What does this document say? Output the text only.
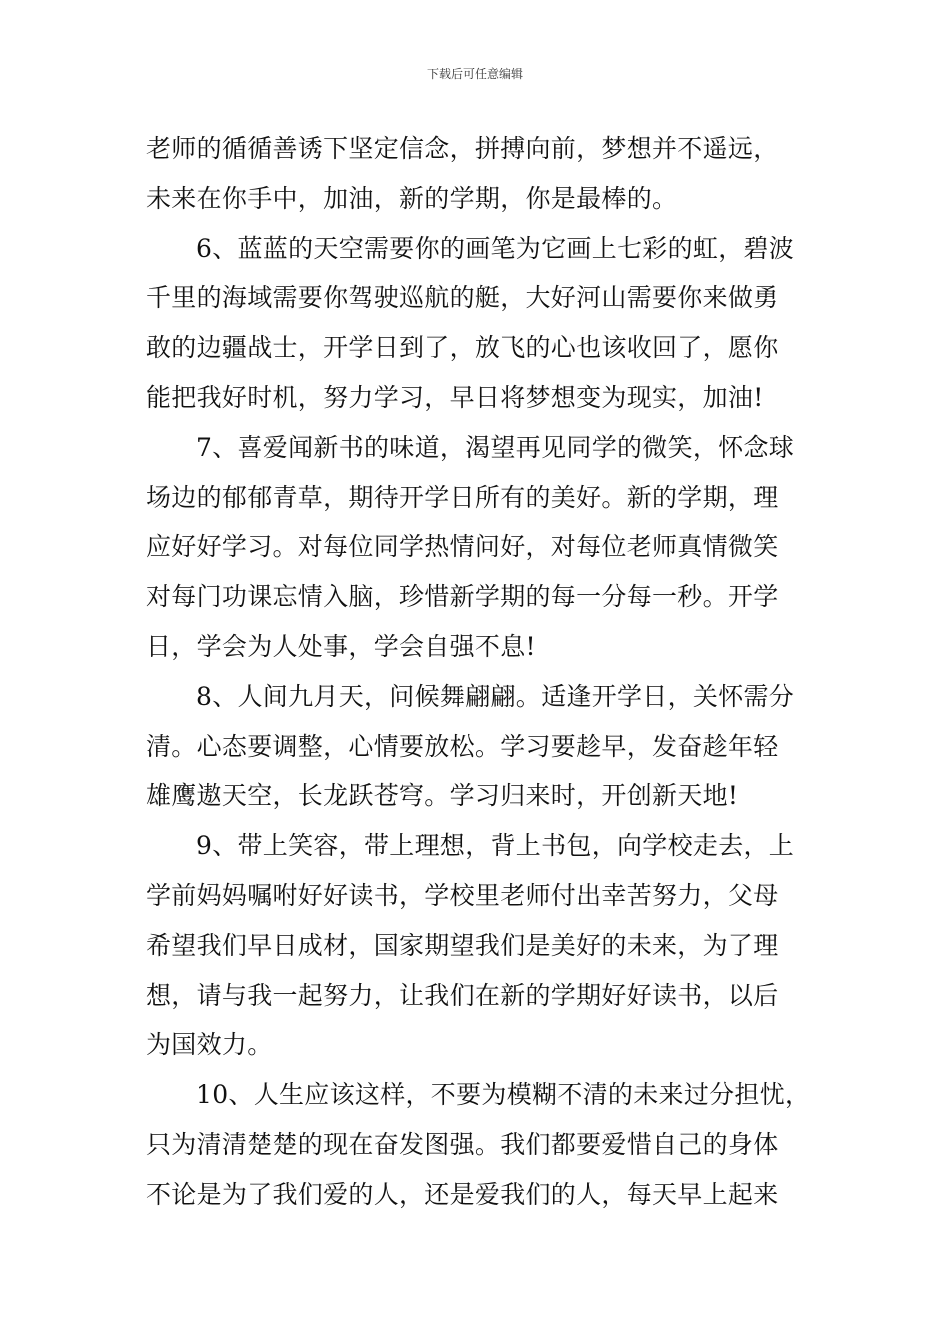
下载后可任意编辑
老师的循循善诱下坚定信念，拼搏向前，梦想并不遥远，
未来在你手中，加油，新的学期，你是最棒的。
6、蓝蓝的天空需要你的画笔为它画上七彩的虹，碧波
千里的海域需要你驾驶巡航的艇，大好河山需要你来做勇
敢的边疆战士，开学日到了，放飞的心也该收回了，愿你
能把我好时机，努力学习，早日将梦想变为现实，加油!
7、喜爱闻新书的味道，渴望再见同学的微笑，怀念球
场边的郁郁青草，期待开学日所有的美好。新的学期，理
应好好学习。对每位同学热情问好，对每位老师真情微笑
对每门功课忘情入脑，珍惜新学期的每一分每一秒。开学
日，学会为人处事，学会自强不息!
8、人间九月天，问候舞翩翩。适逢开学日，关怀需分
清。心态要调整，心情要放松。学习要趁早，发奋趁年轻
雄鹰遨天空，长龙跃苍穹。学习归来时，开创新天地!
9、带上笑容，带上理想，背上书包，向学校走去，上
学前妈妈嘱咐好好读书，学校里老师付出幸苦努力，父母
希望我们早日成材，国家期望我们是美好的未来，为了理
想，请与我一起努力，让我们在新的学期好好读书，以后
为国效力。
10、人生应该这样，不要为模糊不清的未来过分担忧，
只为清清楚楚的现在奋发图强。我们都要爱惜自己的身体
不论是为了我们爱的人，还是爱我们的人，每天早上起来
